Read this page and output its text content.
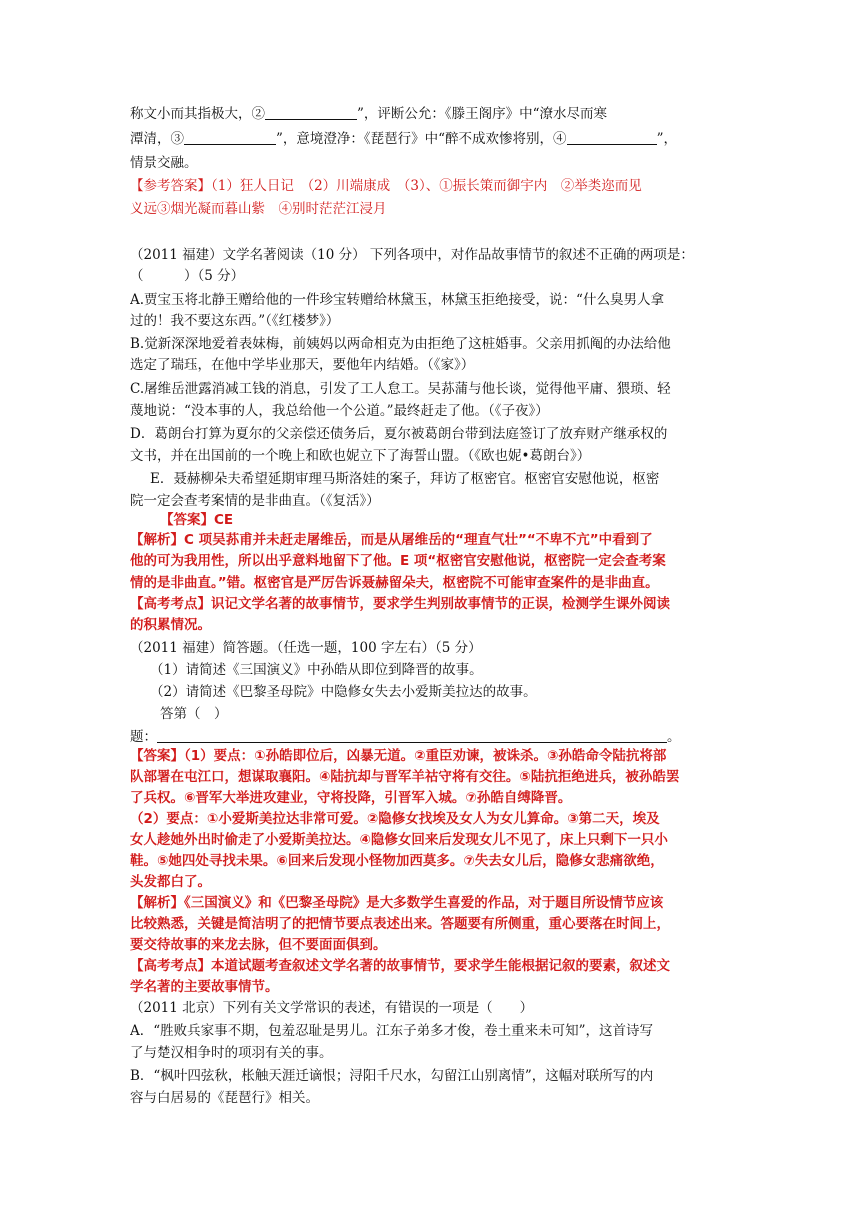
称文小而其指极大，②	”，评断公允：《滕王阁序》中“潦水尽而寒
潭清，③	”，意境澄净：《琵琶行》中“醉不成欢惨将别，④	”，
情景交融。
【参考答案】（1）狂人日记　（2）川端康成　（3）、①振长策而御宇内　②举类迩而见
义远③烟光凝而暮山紫　④别时茫茫江浸月
（2011 福建）文学名著阅读（10 分） 下列各项中，对作品故事情节的叙述不正确的两项是：
（　　　）（5 分）
A.贾宝玉将北静王赠给他的一件珍宝转赠给林黛玉，林黛玉拒绝接受，说：“什么臭男人拿
过的！我不要这东西。”（《红楼梦》）
B.觉新深深地爱着表妹梅，前姨妈以两命相克为由拒绝了这桩婚事。父亲用抓阄的办法给他
选定了瑞珏，在他中学毕业那天，要他年内结婚。（《家》）
C.屠维岳泄露消减工钱的消息，引发了工人怠工。吴荪蒲与他长谈，觉得他平庸、猥琐、轻
蔑地说：“没本事的人，我总给他一个公道。”最终赶走了他。（《子夜》）
D．葛朗台打算为夏尔的父亲偿还债务后，夏尔被葛朗台带到法庭签订了放弃财产继承权的
文书，并在出国前的一个晚上和欧也妮立下了海誓山盟。（《欧也妮•葛朗台》）
E．聂赫柳朵夫希望延期审理马斯洛娃的案子，拜访了枢密官。枢密官安慰他说，枢密
院一定会查考案情的是非曲直。（《复活》）
【答案】CE
【解析】C 项吴荪甫并未赶走屠维岳，而是从屠维岳的“理直气壮”“不卑不亢”中看到了
他的可为我用性，所以出乎意料地留下了他。E 项“枢密官安慰他说，枢密院一定会查考案
情的是非曲直。”错。枢密官是严厉告诉聂赫留朵夫，枢密院不可能审查案件的是非曲直。
【高考考点】识记文学名著的故事情节，要求学生判别故事情节的正误，检测学生课外阅读
的积累情况。
（2011 福建）简答题。（任选一题，100 字左右）（5 分）
（1）请简述《三国演义》中孙皓从即位到降晋的故事。
（2）请简述《巴黎圣母院》中隐修女失去小爱斯美拉达的故事。
答第（　）
题：	。
【答案】（1）要点：①孙皓即位后，凶暴无道。②重臣劝谏，被诛杀。③孙皓命令陆抗将部
队部署在屯江口，想谋取襄阳。④陆抗却与晋军羊祜守将有交往。⑤陆抗拒绝进兵，被孙皓罢
了兵权。⑥晋军大举进攻建业，守将投降，引晋军入城。⑦孙皓自缚降晋。
（2）要点：①小爱斯美拉达非常可爱。②隐修女找埃及女人为女儿算命。③第二天，埃及
女人趁她外出时偷走了小爱斯美拉达。④隐修女回来后发现女儿不见了，床上只剩下一只小
鞋。⑤她四处寻找未果。⑥回来后发现小怪物加西莫多。⑦失去女儿后，隐修女悲痛欲绝，
头发都白了。
【解析】《三国演义》和《巴黎圣母院》是大多数学生喜爱的作品，对于题目所设情节应该
比较熟悉，关键是简洁明了的把情节要点表述出来。答题要有所侧重，重心要落在时间上，
要交待故事的来龙去脉，但不要面面俱到。
【高考考点】本道试题考查叙述文学名著的故事情节，要求学生能根据记叙的要素，叙述文
学名著的主要故事情节。
（2011 北京）下列有关文学常识的表述，有错误的一项是（　　）
A．“胜败兵家事不期，包羞忍耻是男儿。江东子弟多才俊，卷土重来未可知”，这首诗写
了与楚汉相争时的项羽有关的事。
B．“枫叶四弦秋，枨触天涯迁谪恨；浔阳千尺水，勾留江山别离情”，这幅对联所写的内
容与白居易的《琵琶行》相关。
